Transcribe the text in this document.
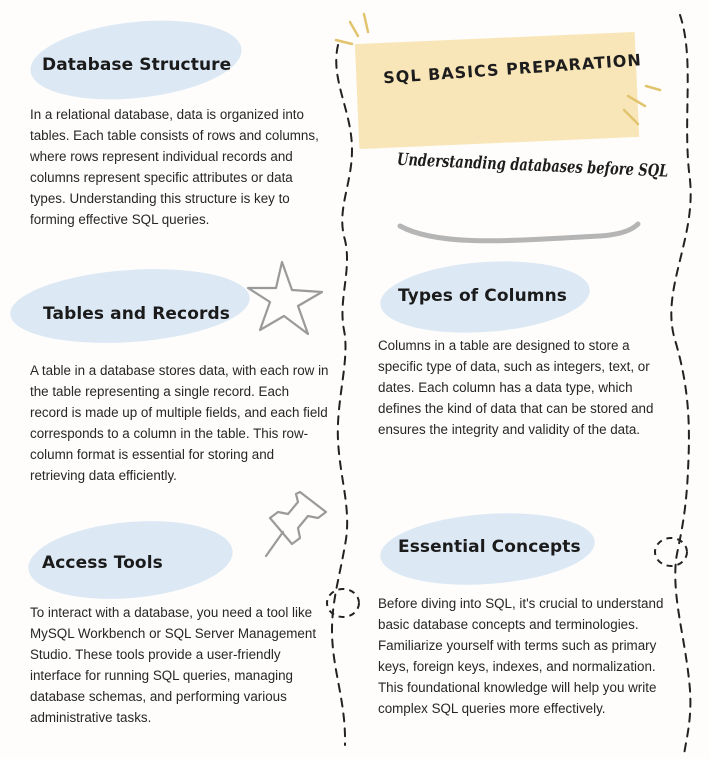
SQL BASICS PREPARATION
Understanding databases before SQL
Database Structure

In a relational database, data is organized into tables. Each table consists of rows and columns, where rows represent individual records and columns represent specific attributes or data types. Understanding this structure is key to forming effective SQL queries.

Tables and Records

A table in a database stores data, with each row in the table representing a single record. Each record is made up of multiple fields, and each field corresponds to a column in the table. This row-column format is essential for storing and retrieving data efficiently.

Access Tools

To interact with a database, you need a tool like MySQL Workbench or SQL Server Management Studio. These tools provide a user-friendly interface for running SQL queries, managing database schemas, and performing various administrative tasks.

Types of Columns

Columns in a table are designed to store a specific type of data, such as integers, text, or dates. Each column has a data type, which defines the kind of data that can be stored and ensures the integrity and validity of the data.

Essential Concepts

Before diving into SQL, it's crucial to understand basic database concepts and terminologies. Familiarize yourself with terms such as primary keys, foreign keys, indexes, and normalization. This foundational knowledge will help you write complex SQL queries more effectively.
